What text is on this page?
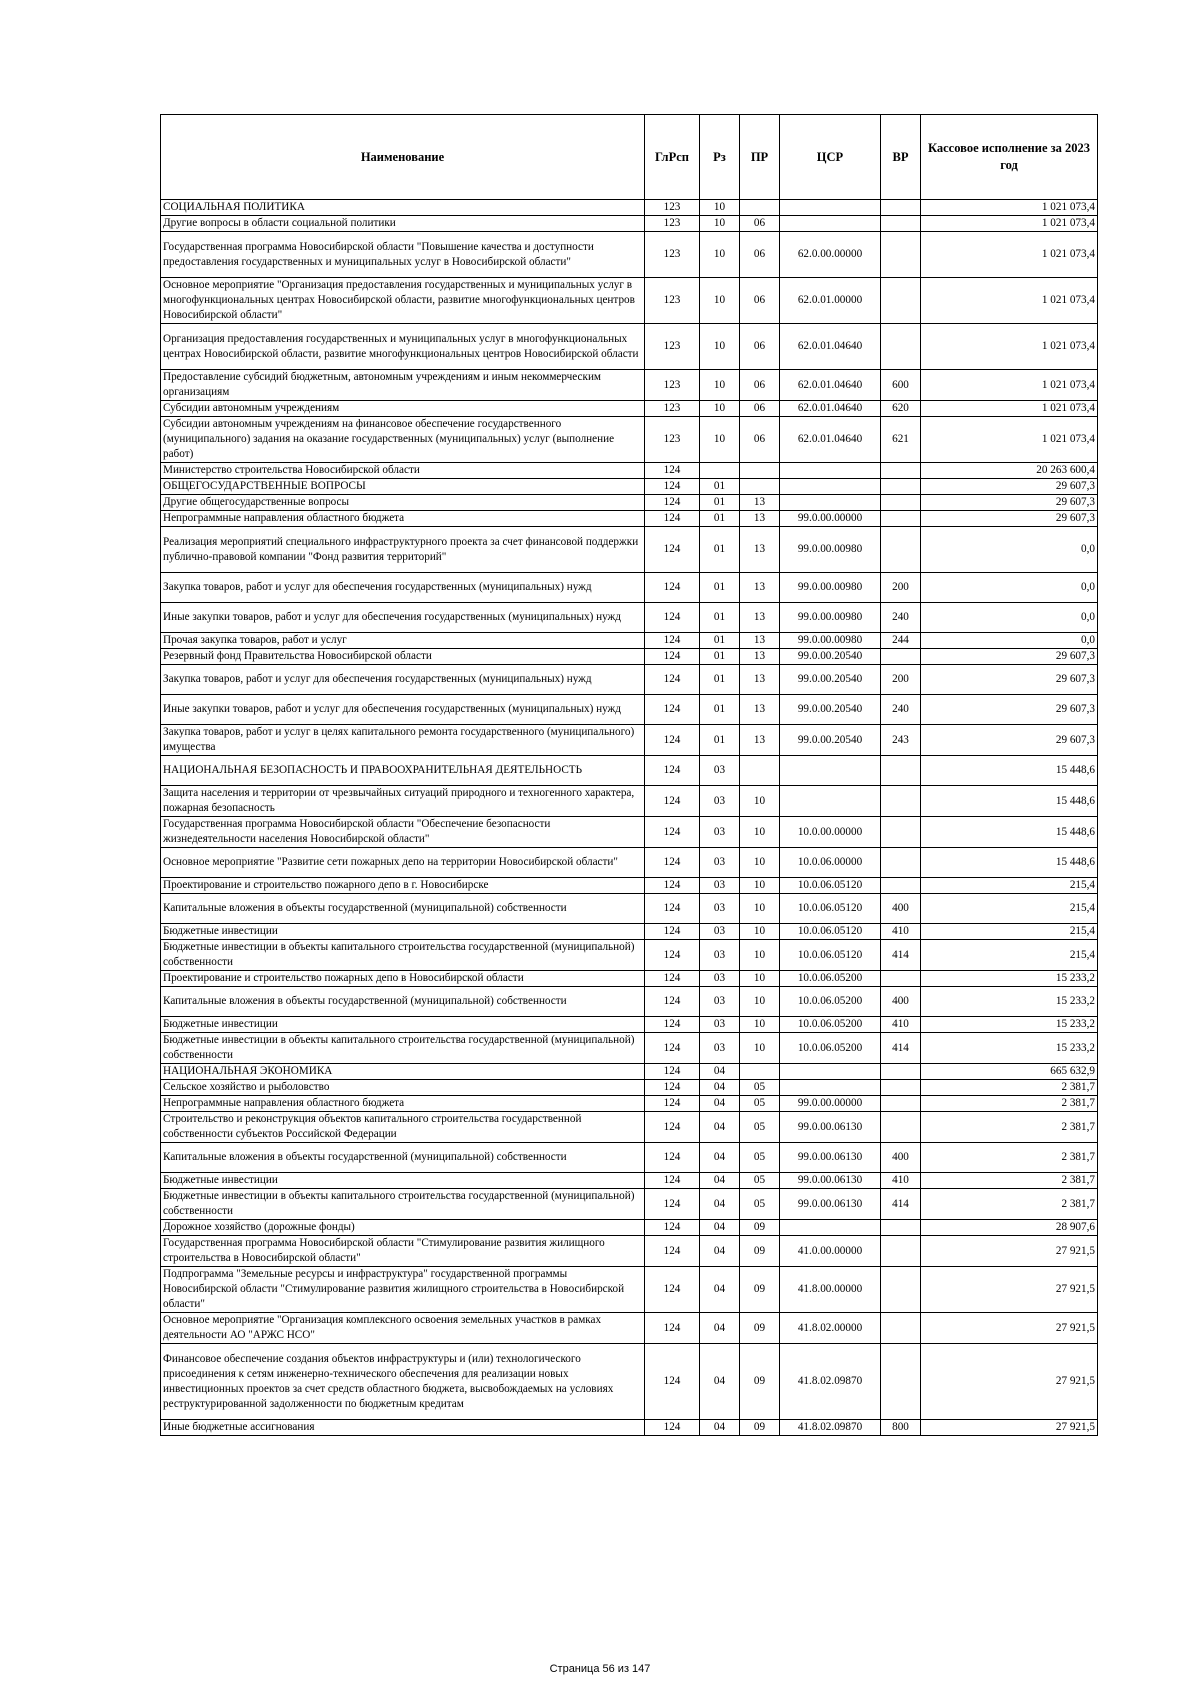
Наименование	ГлРсп	Рз	ПР	ЦСР	ВР	Кассовое исполнение за 2023 год
СОЦИАЛЬНАЯ ПОЛИТИКА	123	10				1 021 073,4
Другие вопросы в области социальной политики	123	10	06			1 021 073,4
Государственная программа Новосибирской области "Повышение качества и доступности предоставления государственных и муниципальных услуг в Новосибирской области"	123	10	06	62.0.00.00000		1 021 073,4
Основное мероприятие "Организация предоставления государственных и муниципальных услуг в многофункциональных центрах Новосибирской области, развитие многофункциональных центров Новосибирской области"	123	10	06	62.0.01.00000		1 021 073,4
Организация предоставления государственных и муниципальных услуг в многофункциональных центрах Новосибирской области, развитие многофункциональных центров Новосибирской области	123	10	06	62.0.01.04640		1 021 073,4
Предоставление субсидий бюджетным, автономным учреждениям и иным некоммерческим организациям	123	10	06	62.0.01.04640	600	1 021 073,4
Субсидии автономным учреждениям	123	10	06	62.0.01.04640	620	1 021 073,4
Субсидии автономным учреждениям на финансовое обеспечение государственного (муниципального) задания на оказание государственных (муниципальных) услуг (выполнение работ)	123	10	06	62.0.01.04640	621	1 021 073,4
Министерство строительства Новосибирской области	124					20 263 600,4
ОБЩЕГОСУДАРСТВЕННЫЕ ВОПРОСЫ	124	01				29 607,3
Другие общегосударственные вопросы	124	01	13			29 607,3
Непрограммные направления областного бюджета	124	01	13	99.0.00.00000		29 607,3
Реализация мероприятий специального инфраструктурного проекта за счет финансовой поддержки публично-правовой компании "Фонд развития территорий"	124	01	13	99.0.00.00980		0,0
Закупка товаров, работ и услуг для обеспечения государственных (муниципальных) нужд	124	01	13	99.0.00.00980	200	0,0
Иные закупки товаров, работ и услуг для обеспечения государственных (муниципальных) нужд	124	01	13	99.0.00.00980	240	0,0
Прочая закупка товаров, работ и услуг	124	01	13	99.0.00.00980	244	0,0
Резервный фонд Правительства Новосибирской области	124	01	13	99.0.00.20540		29 607,3
Закупка товаров, работ и услуг для обеспечения государственных (муниципальных) нужд	124	01	13	99.0.00.20540	200	29 607,3
Иные закупки товаров, работ и услуг для обеспечения государственных (муниципальных) нужд	124	01	13	99.0.00.20540	240	29 607,3
Закупка товаров, работ и услуг в целях капитального ремонта государственного (муниципального) имущества	124	01	13	99.0.00.20540	243	29 607,3
НАЦИОНАЛЬНАЯ БЕЗОПАСНОСТЬ И ПРАВООХРАНИТЕЛЬНАЯ ДЕЯТЕЛЬНОСТЬ	124	03				15 448,6
Защита населения и территории от чрезвычайных ситуаций природного и техногенного характера, пожарная безопасность	124	03	10			15 448,6
Государственная программа Новосибирской области "Обеспечение безопасности жизнедеятельности населения Новосибирской области"	124	03	10	10.0.00.00000		15 448,6
Основное мероприятие "Развитие сети пожарных депо на территории Новосибирской области"	124	03	10	10.0.06.00000		15 448,6
Проектирование и строительство пожарного депо в г. Новосибирске	124	03	10	10.0.06.05120		215,4
Капитальные вложения в объекты государственной (муниципальной) собственности	124	03	10	10.0.06.05120	400	215,4
Бюджетные инвестиции	124	03	10	10.0.06.05120	410	215,4
Бюджетные инвестиции в объекты капитального строительства государственной (муниципальной) собственности	124	03	10	10.0.06.05120	414	215,4
Проектирование и строительство пожарных депо в Новосибирской области	124	03	10	10.0.06.05200		15 233,2
Капитальные вложения в объекты государственной (муниципальной) собственности	124	03	10	10.0.06.05200	400	15 233,2
Бюджетные инвестиции	124	03	10	10.0.06.05200	410	15 233,2
Бюджетные инвестиции в объекты капитального строительства государственной (муниципальной) собственности	124	03	10	10.0.06.05200	414	15 233,2
НАЦИОНАЛЬНАЯ ЭКОНОМИКА	124	04				665 632,9
Сельское хозяйство и рыболовство	124	04	05			2 381,7
Непрограммные направления областного бюджета	124	04	05	99.0.00.00000		2 381,7
Строительство и реконструкция объектов капитального строительства государственной собственности субъектов Российской Федерации	124	04	05	99.0.00.06130		2 381,7
Капитальные вложения в объекты государственной (муниципальной) собственности	124	04	05	99.0.00.06130	400	2 381,7
Бюджетные инвестиции	124	04	05	99.0.00.06130	410	2 381,7
Бюджетные инвестиции в объекты капитального строительства государственной (муниципальной) собственности	124	04	05	99.0.00.06130	414	2 381,7
Дорожное хозяйство (дорожные фонды)	124	04	09			28 907,6
Государственная программа Новосибирской области "Стимулирование развития жилищного строительства в Новосибирской области"	124	04	09	41.0.00.00000		27 921,5
Подпрограмма "Земельные ресурсы и инфраструктура" государственной программы Новосибирской области "Стимулирование развития жилищного строительства в Новосибирской области"	124	04	09	41.8.00.00000		27 921,5
Основное мероприятие "Организация комплексного освоения земельных участков в рамках деятельности АО "АРЖС НСО"	124	04	09	41.8.02.00000		27 921,5
Финансовое обеспечение создания объектов инфраструктуры и (или) технологического присоединения к сетям инженерно-технического обеспечения для реализации новых инвестиционных проектов за счет средств областного бюджета, высвобождаемых на условиях реструктурированной задолженности по бюджетным кредитам	124	04	09	41.8.02.09870		27 921,5
Иные бюджетные ассигнования	124	04	09	41.8.02.09870	800	27 921,5
Страница 56 из 147
